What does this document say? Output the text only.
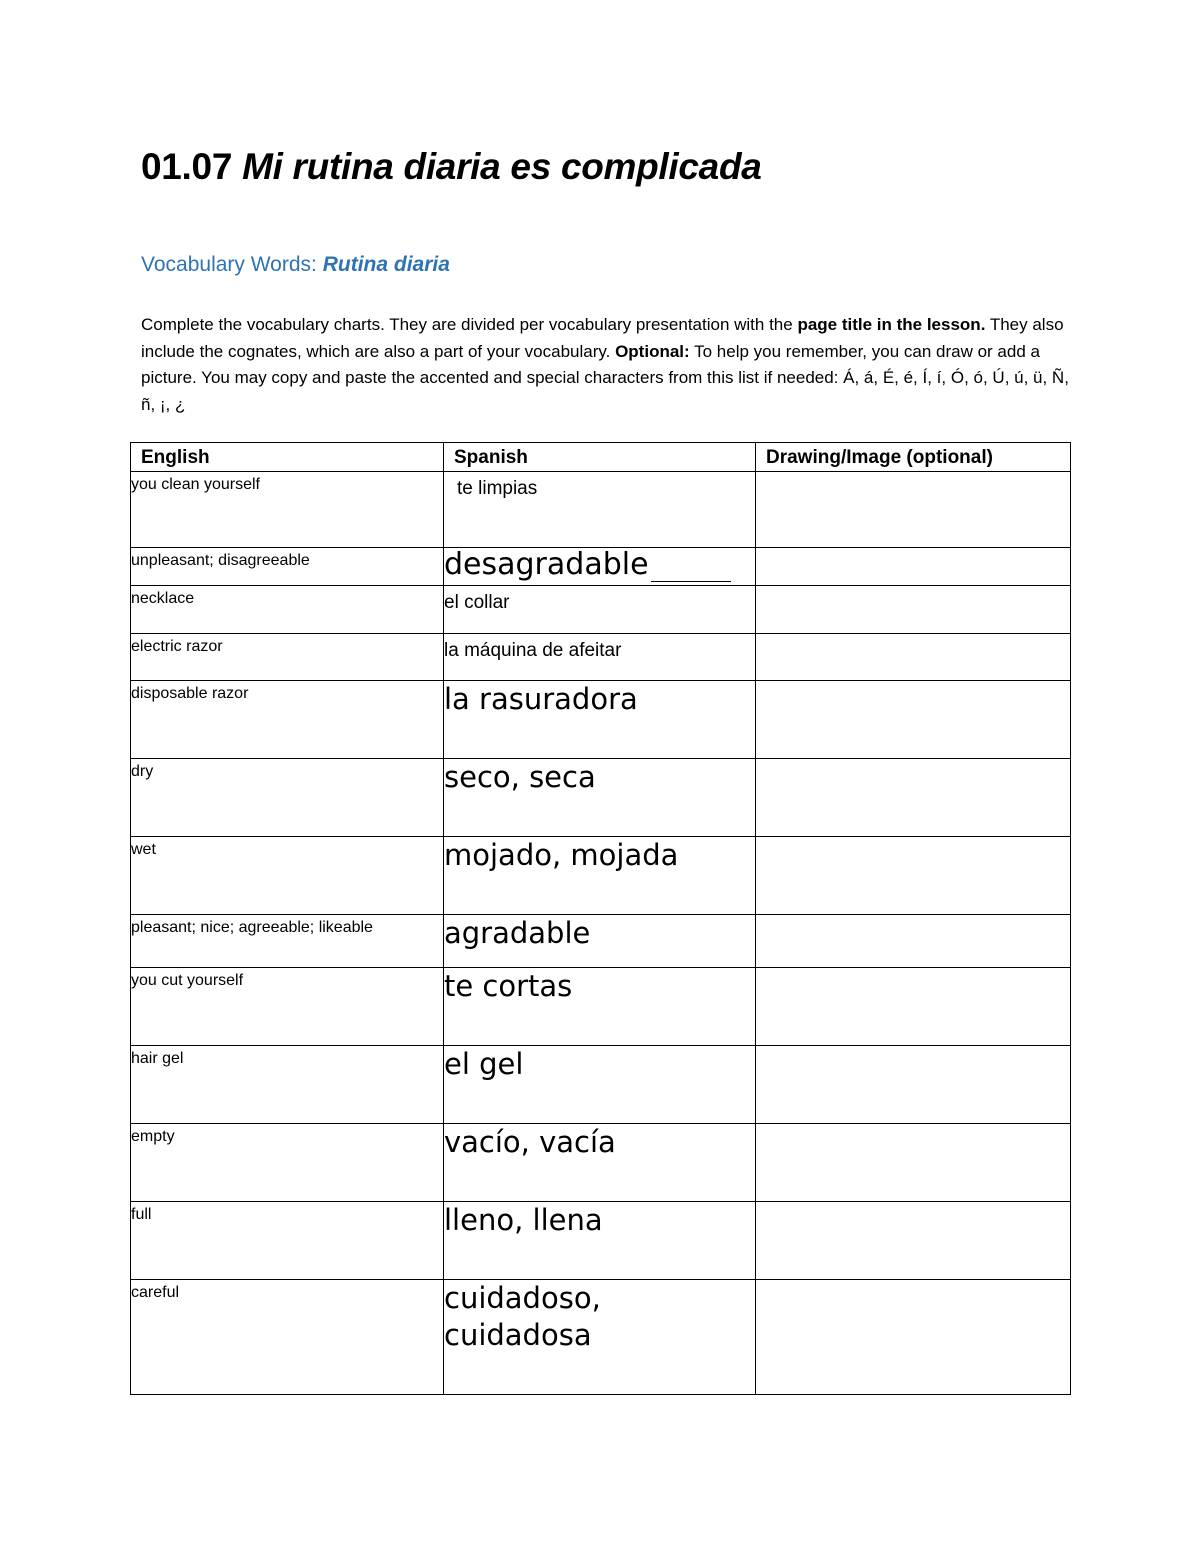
01.07 Mi rutina diaria es complicada
Vocabulary Words: Rutina diaria

Complete the vocabulary charts. They are divided per vocabulary presentation with the page title in the lesson. They also include the cognates, which are also a part of your vocabulary. Optional: To help you remember, you can draw or add a picture. You may copy and paste the accented and special characters from this list if needed: Á, á, É, é, Í, í, Ó, ó, Ú, ú, ü, Ñ, ñ, ¡, ¿

English	Spanish	Drawing/Image (optional)
you clean yourself	te limpias	
unpleasant; disagreeable	desagradable	
necklace	el collar	
electric razor	la máquina de afeitar	
disposable razor	la rasuradora	
dry	seco, seca	
wet	mojado, mojada	
pleasant; nice; agreeable; likeable	agradable	
you cut yourself	te cortas	
hair gel	el gel	
empty	vacío, vacía	
full	lleno, llena	
careful	cuidadoso, cuidadosa	
